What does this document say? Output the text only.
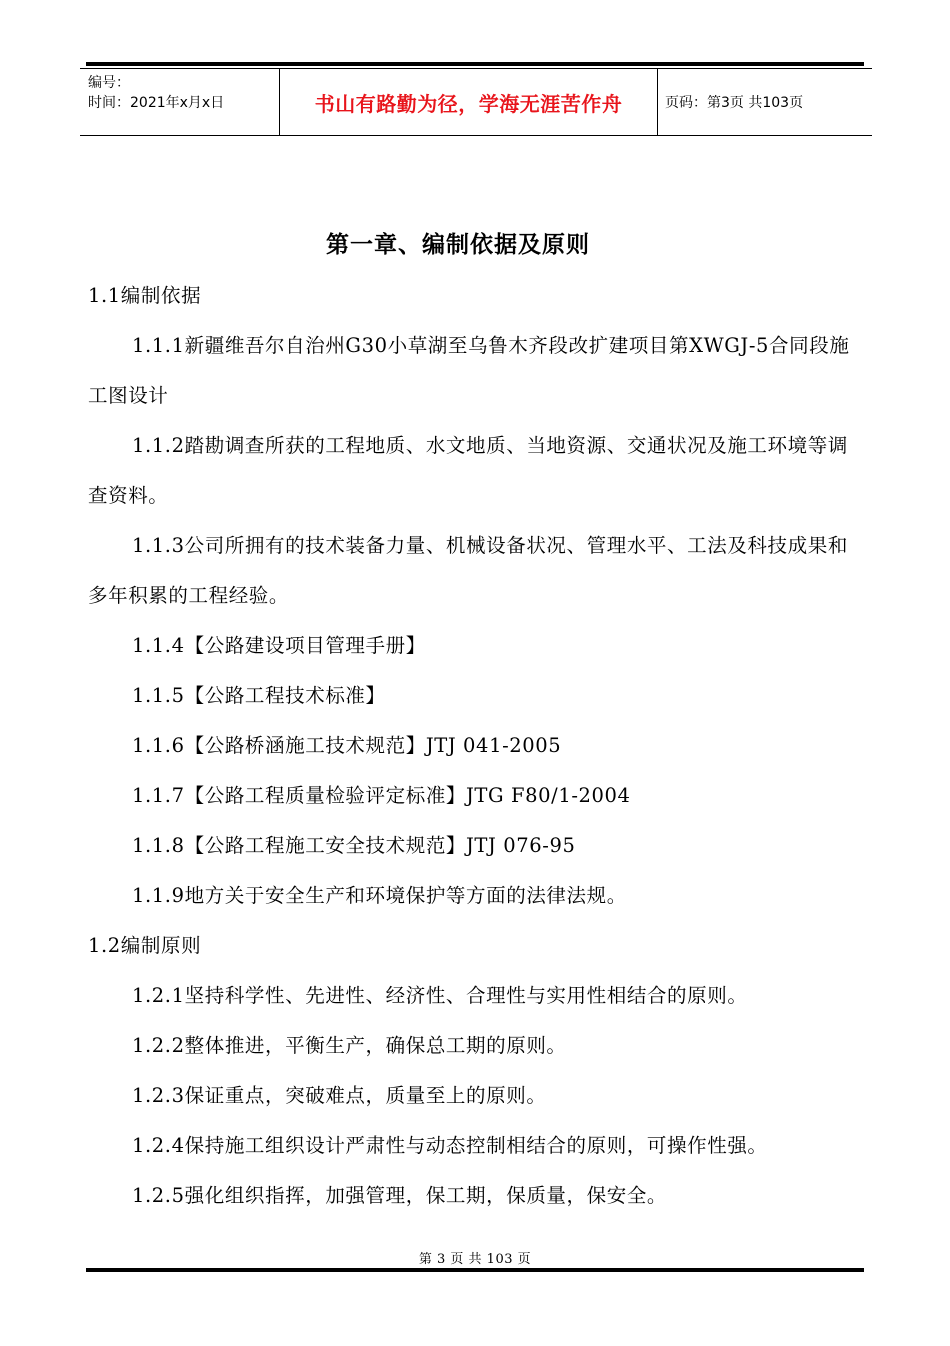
编号：
时间：2021年x月x日	书山有路勤为径，学海无涯苦作舟	页码：第3页 共103页
第一章、编制依据及原则
1.1编制依据
1.1.1新疆维吾尔自治州G30小草湖至乌鲁木齐段改扩建项目第XWGJ-5合同段施工图设计
1.1.2踏勘调查所获的工程地质、水文地质、当地资源、交通状况及施工环境等调查资料。
1.1.3公司所拥有的技术装备力量、机械设备状况、管理水平、工法及科技成果和多年积累的工程经验。
1.1.4【公路建设项目管理手册】
1.1.5【公路工程技术标准】
1.1.6【公路桥涵施工技术规范】JTJ 041-2005
1.1.7【公路工程质量检验评定标准】JTG F80/1-2004
1.1.8【公路工程施工安全技术规范】JTJ 076-95
1.1.9地方关于安全生产和环境保护等方面的法律法规。
1.2编制原则
1.2.1坚持科学性、先进性、经济性、合理性与实用性相结合的原则。
1.2.2整体推进，平衡生产，确保总工期的原则。
1.2.3保证重点，突破难点，质量至上的原则。
1.2.4保持施工组织设计严肃性与动态控制相结合的原则，可操作性强。
1.2.5强化组织指挥，加强管理，保工期，保质量，保安全。
第 3 页 共 103 页
